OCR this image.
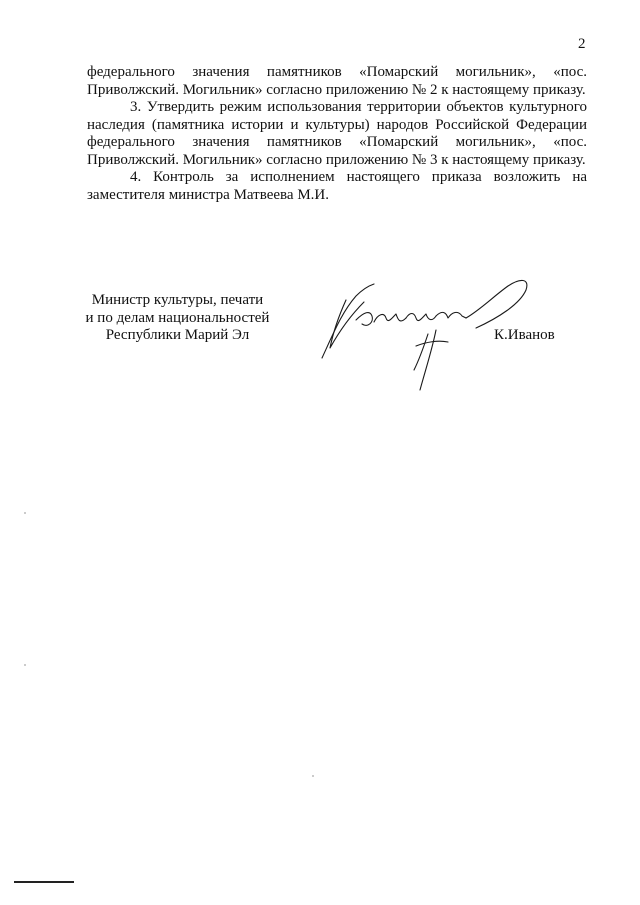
2

федерального значения памятников «Помарский могильник», «пос. Приволжский. Могильник» согласно приложению № 2 к настоящему приказу.

3. Утвердить режим использования территории объектов культурного наследия (памятника истории и культуры) народов Российской Федерации федерального значения памятников «Помарский могильник», «пос. Приволжский. Могильник» согласно приложению № 3 к настоящему приказу.

4. Контроль за исполнением настоящего приказа возложить на заместителя министра Матвеева М.И.

Министр культуры, печати
и по делам национальностей
Республики Марий Эл	К.Иванов
